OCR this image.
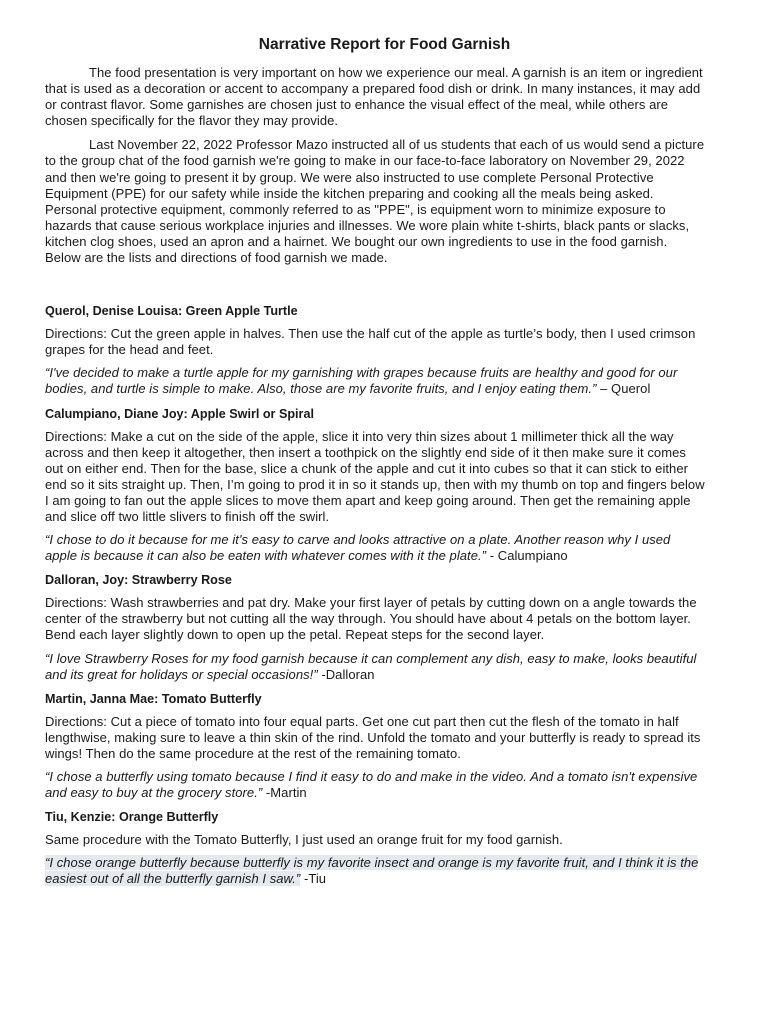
Narrative Report for Food Garnish

The food presentation is very important on how we experience our meal. A garnish is an item or ingredient that is used as a decoration or accent to accompany a prepared food dish or drink. In many instances, it may add or contrast flavor. Some garnishes are chosen just to enhance the visual effect of the meal, while others are chosen specifically for the flavor they may provide.

Last November 22, 2022 Professor Mazo instructed all of us students that each of us would send a picture to the group chat of the food garnish we're going to make in our face-to-face laboratory on November 29, 2022 and then we're going to present it by group. We were also instructed to use complete Personal Protective Equipment (PPE) for our safety while inside the kitchen preparing and cooking all the meals being asked. Personal protective equipment, commonly referred to as "PPE", is equipment worn to minimize exposure to hazards that cause serious workplace injuries and illnesses. We wore plain white t-shirts, black pants or slacks, kitchen clog shoes, used an apron and a hairnet. We bought our own ingredients to use in the food garnish. Below are the lists and directions of food garnish we made.

Querol, Denise Louisa: Green Apple Turtle

Directions: Cut the green apple in halves. Then use the half cut of the apple as turtle’s body, then I used crimson grapes for the head and feet.

“I've decided to make a turtle apple for my garnishing with grapes because fruits are healthy and good for our bodies, and turtle is simple to make. Also, those are my favorite fruits, and I enjoy eating them.” – Querol

Calumpiano, Diane Joy: Apple Swirl or Spiral

Directions: Make a cut on the side of the apple, slice it into very thin sizes about 1 millimeter thick all the way across and then keep it altogether, then insert a toothpick on the slightly end side of it then make sure it comes out on either end. Then for the base, slice a chunk of the apple and cut it into cubes so that it can stick to either end so it sits straight up. Then, I’m going to prod it in so it stands up, then with my thumb on top and fingers below I am going to fan out the apple slices to move them apart and keep going around. Then get the remaining apple and slice off two little slivers to finish off the swirl.

“I chose to do it because for me it's easy to carve and looks attractive on a plate. Another reason why I used apple is because it can also be eaten with whatever comes with it the plate.” - Calumpiano

Dalloran, Joy: Strawberry Rose

Directions: Wash strawberries and pat dry. Make your first layer of petals by cutting down on a angle towards the center of the strawberry but not cutting all the way through. You should have about 4 petals on the bottom layer. Bend each layer slightly down to open up the petal. Repeat steps for the second layer.

“I love Strawberry Roses for my food garnish because it can complement any dish, easy to make, looks beautiful and its great for holidays or special occasions!” -Dalloran

Martin, Janna Mae: Tomato Butterfly

Directions: Cut a piece of tomato into four equal parts. Get one cut part then cut the flesh of the tomato in half lengthwise, making sure to leave a thin skin of the rind. Unfold the tomato and your butterfly is ready to spread its wings! Then do the same procedure at the rest of the remaining tomato.

“I chose a butterfly using tomato because I find it easy to do and make in the video. And a tomato isn't expensive and easy to buy at the grocery store.” -Martin

Tiu, Kenzie: Orange Butterfly

Same procedure with the Tomato Butterfly, I just used an orange fruit for my food garnish.

“I chose orange butterfly because butterfly is my favorite insect and orange is my favorite fruit, and I think it is the easiest out of all the butterfly garnish I saw.” -Tiu
